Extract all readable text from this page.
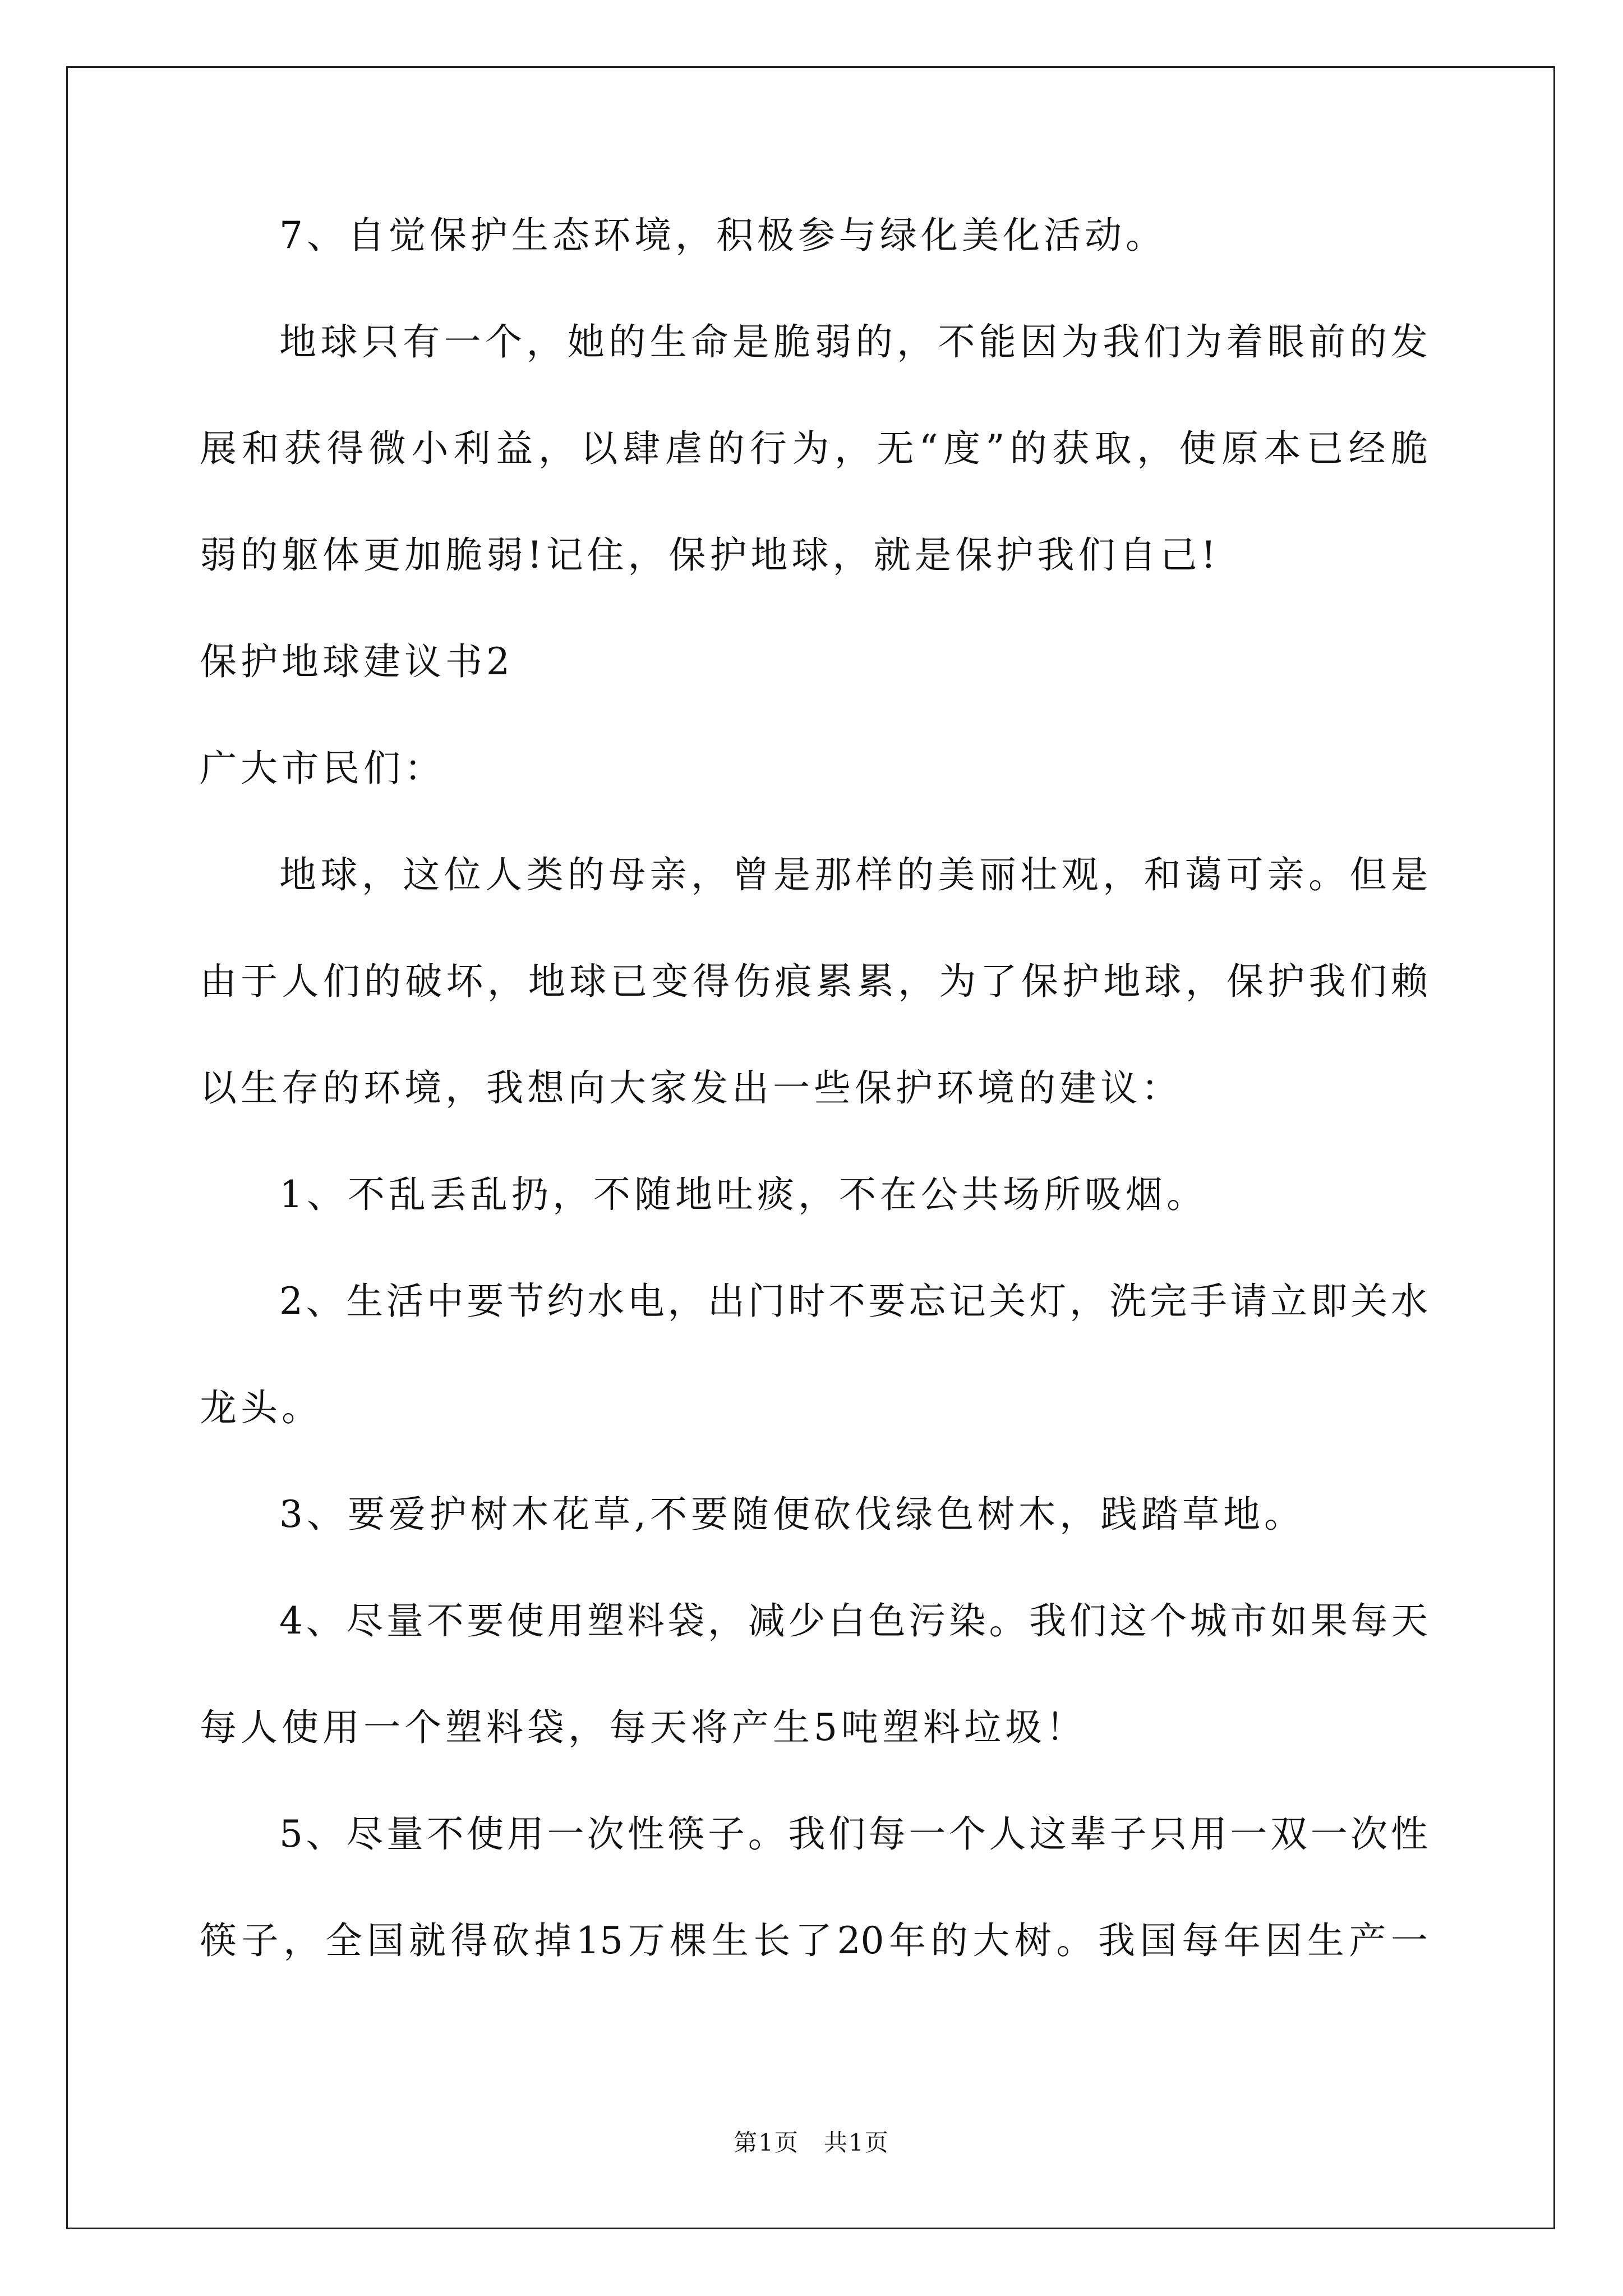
7、自觉保护生态环境，积极参与绿化美化活动。
地球只有一个，她的生命是脆弱的，不能因为我们为着眼前的发
展和获得微小利益，以肆虐的行为，无“度”的获取，使原本已经脆
弱的躯体更加脆弱!记住，保护地球，就是保护我们自己!
保护地球建议书2
广大市民们：
地球，这位人类的母亲，曾是那样的美丽壮观，和蔼可亲。但是
由于人们的破坏，地球已变得伤痕累累，为了保护地球，保护我们赖
以生存的环境，我想向大家发出一些保护环境的建议：
1、不乱丢乱扔，不随地吐痰，不在公共场所吸烟。
2、生活中要节约水电，出门时不要忘记关灯，洗完手请立即关水
龙头。
3、要爱护树木花草,不要随便砍伐绿色树木，践踏草地。
4、尽量不要使用塑料袋，减少白色污染。我们这个城市如果每天
每人使用一个塑料袋，每天将产生5吨塑料垃圾！
5、尽量不使用一次性筷子。我们每一个人这辈子只用一双一次性
筷子，全国就得砍掉15万棵生长了20年的大树。我国每年因生产一
第1页　共1页
